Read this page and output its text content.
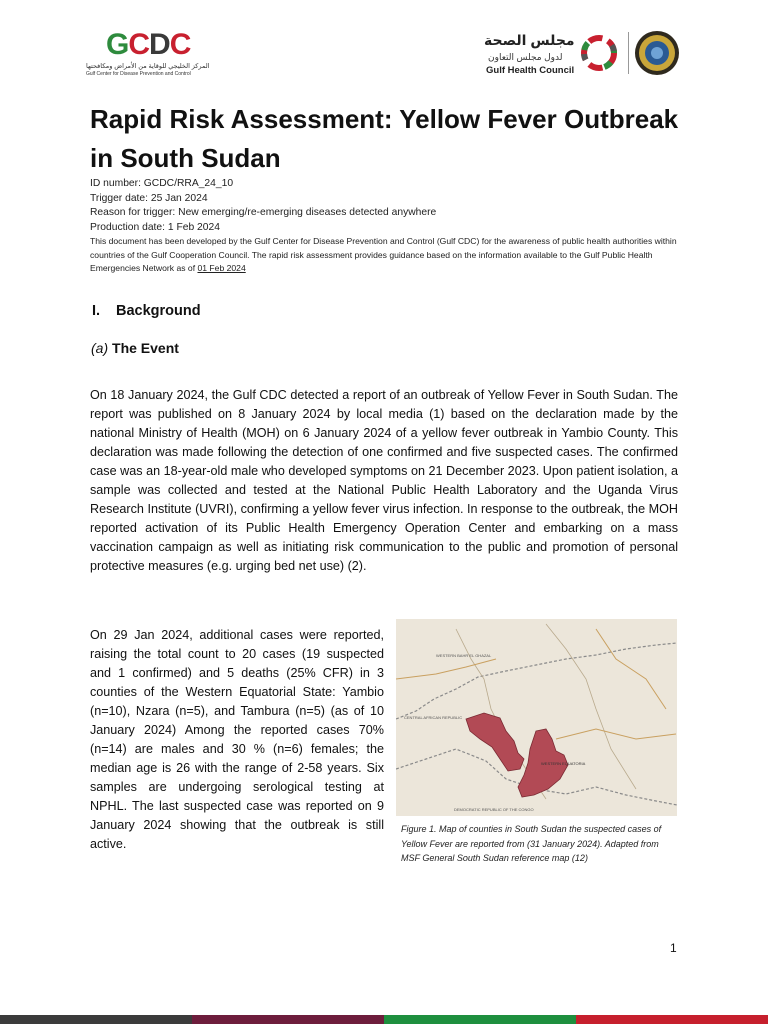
GCDC
المركز الخليجي للوقاية من الأمراض ومكافحتها
Gulf Center for Disease Prevention and Control
مجلس الصحة
لدول مجلس التعاون
Gulf Health Council
Rapid Risk Assessment: Yellow Fever Outbreak in South Sudan
ID number: GCDC/RRA_24_10
Trigger date: 25 Jan 2024
Reason for trigger: New emerging/re-emerging diseases detected anywhere
Production date: 1 Feb 2024
This document has been developed by the Gulf Center for Disease Prevention and Control (Gulf CDC) for the awareness of public health authorities within countries of the Gulf Cooperation Council. The rapid risk assessment provides guidance based on the information available to the Gulf Public Health Emergencies Network as of 01 Feb 2024
I. Background
(a) The Event
On 18 January 2024, the Gulf CDC detected a report of an outbreak of Yellow Fever in South Sudan. The report was published on 8 January 2024 by local media (1) based on the declaration made by the national Ministry of Health (MOH) on 6 January 2024 of a yellow fever outbreak in Yambio County. This declaration was made following the detection of one confirmed and five suspected cases. The confirmed case was an 18-year-old male who developed symptoms on 21 December 2023. Upon patient isolation, a sample was collected and tested at the National Public Health Laboratory and the Uganda Virus Research Institute (UVRI), confirming a yellow fever virus infection. In response to the outbreak, the MOH reported activation of its Public Health Emergency Operation Center and embarking on a mass vaccination campaign as well as initiating risk communication to the public and promotion of personal protective measures (e.g. urging bed net use) (2).
On 29 Jan 2024, additional cases were reported, raising the total count to 20 cases (19 suspected and 1 confirmed) and 5 deaths (25% CFR) in 3 counties of the Western Equatorial State: Yambio (n=10), Nzara (n=5), and Tambura (n=5) (as of 10 January 2024) Among the reported cases 70% (n=14) are males and 30 % (n=6) females; the median age is 26 with the range of 2-58 years. Six samples are undergoing serological testing at NPHL. The last suspected case was reported on 9 January 2024 showing that the outbreak is still active.
WESTERN BAHR EL GHAZAL
WESTERN EQUATORIA
CENTRAL AFRICAN REPUBLIC
DEMOCRATIC REPUBLIC OF THE CONGO
Figure 1. Map of counties in South Sudan the suspected cases of Yellow Fever are reported from (31 January 2024). Adapted from MSF General South Sudan reference map (12)
1
